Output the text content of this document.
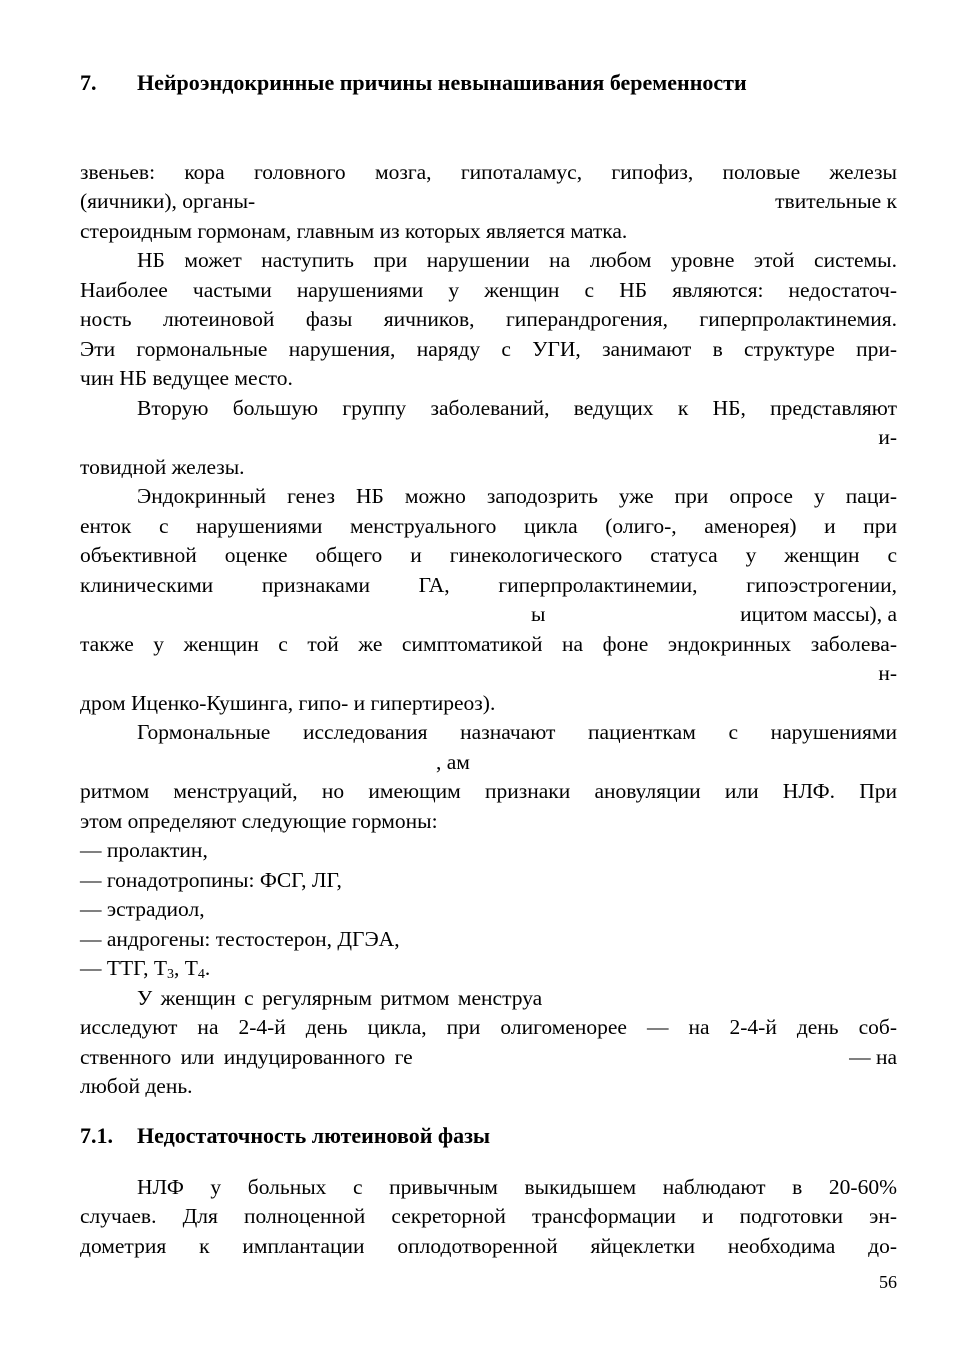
7. Нейроэндокринные причины невынашивания беременности
звеньев: кора головного мозга, гипоталамус, гипофиз, половые железы
(яичники), органы-	твительные к
стероидным гормонам, главным из которых является матка.
НБ может наступить при нарушении на любом уровне этой системы.
Наиболее частыми нарушениями у женщин с НБ являются: недостаточ-
ность лютеиновой фазы яичников, гиперандрогения, гиперпролактинемия.
Эти гормональные нарушения, наряду с УГИ, занимают в структуре при-
чин НБ ведущее место.
Вторую большую группу заболеваний, ведущих к НБ, представляют
и-
товидной железы.
Эндокринный генез НБ можно заподозрить уже при опросе у паци-
енток с нарушениями менструального цикла (олиго-, аменорея) и при
объективной оценке общего и гинекологического статуса у женщин с
клиническими признаками ГА, гиперпролактинемии, гипоэстрогении,
ы	ицитом массы), а
также у женщин с той же симптоматикой на фоне эндокринных заболева-
н-
дром Иценко-Кушинга, гипо- и гипертиреоз).
Гормональные исследования назначают пациенткам с нарушениями
, ам
ритмом менструаций, но имеющим признаки ановуляции или НЛФ. При
этом определяют следующие гормоны:
— пролактин,
— гонадотропины: ФСГ, ЛГ,
— эстрадиол,
— андрогены: тестостерон, ДГЭА,
— ТТГ, $Т_3$, $Т_4$.
У женщин с регулярным ритмом менструа
исследуют на 2-4-й день цикла, при олигоменорее — на 2-4-й день соб-
ственного или индуцированного ге	— на
любой день.
7.1. Недостаточность лютеиновой фазы
НЛФ у больных с привычным выкидышем наблюдают в 20-60%
случаев. Для полноценной секреторной трансформации и подготовки эн-
дометрия к имплантации оплодотворенной яйцеклетки необходима до-
56
